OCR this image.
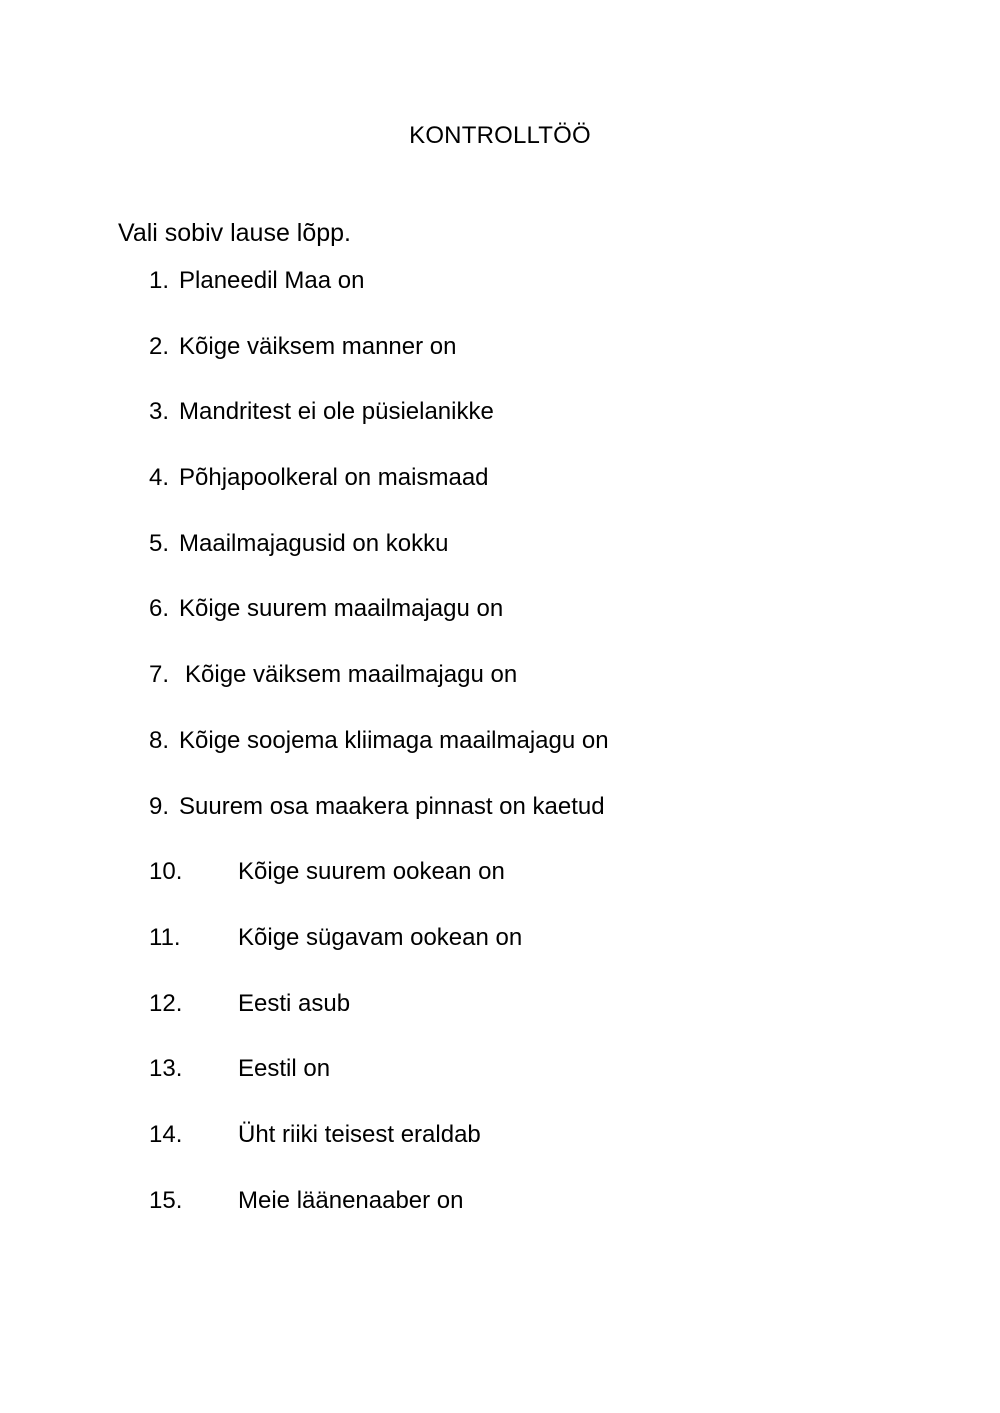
KONTROLLTÖÖ
Vali sobiv lause lõpp.
1. Planeedil Maa on
2. Kõige väiksem manner on
3. Mandritest ei ole püsielanikke
4. Põhjapoolkeral on maismaad
5. Maailmajagusid on kokku
6. Kõige suurem maailmajagu on
7. Kõige väiksem maailmajagu on
8. Kõige soojema kliimaga maailmajagu on
9. Suurem osa maakera pinnast on kaetud
10. Kõige suurem ookean on
11. Kõige sügavam ookean on
12. Eesti asub
13. Eestil on
14. Üht riiki teisest eraldab
15. Meie läänenaaber on
